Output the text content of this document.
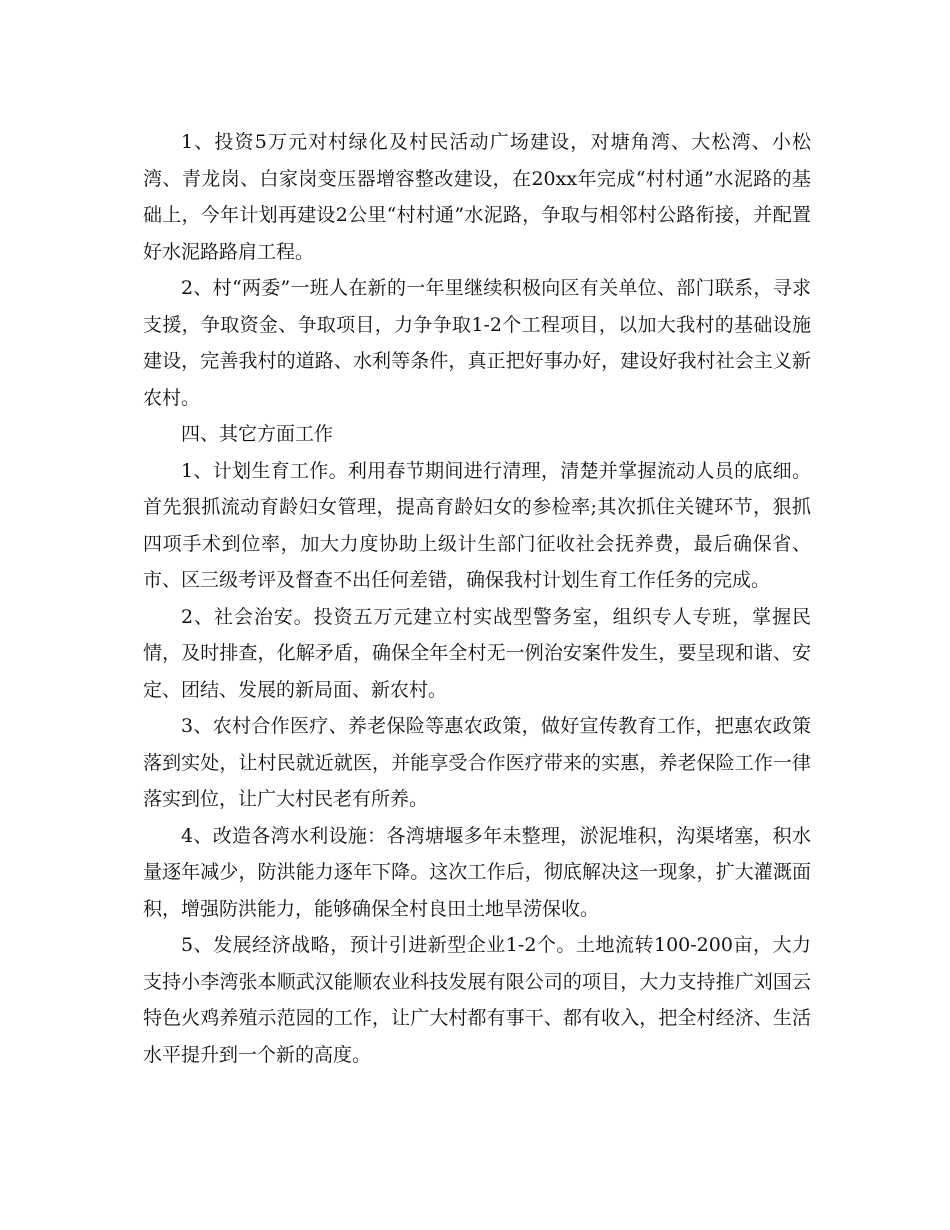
1、投资5万元对村绿化及村民活动广场建设，对塘角湾、大松湾、小松湾、青龙岗、白家岗变压器增容整改建设，在20xx年完成“村村通”水泥路的基础上，今年计划再建设2公里“村村通”水泥路，争取与相邻村公路衔接，并配置好水泥路路肩工程。

2、村“两委”一班人在新的一年里继续积极向区有关单位、部门联系，寻求支援，争取资金、争取项目，力争争取1-2个工程项目，以加大我村的基础设施建设，完善我村的道路、水利等条件，真正把好事办好，建设好我村社会主义新农村。

四、其它方面工作

1、计划生育工作。利用春节期间进行清理，清楚并掌握流动人员的底细。首先狠抓流动育龄妇女管理，提高育龄妇女的参检率;其次抓住关键环节，狠抓四项手术到位率，加大力度协助上级计生部门征收社会抚养费，最后确保省、市、区三级考评及督查不出任何差错，确保我村计划生育工作任务的完成。

2、社会治安。投资五万元建立村实战型警务室，组织专人专班，掌握民情，及时排查，化解矛盾，确保全年全村无一例治安案件发生，要呈现和谐、安定、团结、发展的新局面、新农村。

3、农村合作医疗、养老保险等惠农政策，做好宣传教育工作，把惠农政策落到实处，让村民就近就医，并能享受合作医疗带来的实惠，养老保险工作一律落实到位，让广大村民老有所养。

4、改造各湾水利设施：各湾塘堰多年未整理，淤泥堆积，沟渠堵塞，积水量逐年减少，防洪能力逐年下降。这次工作后，彻底解决这一现象，扩大灌溉面积，增强防洪能力，能够确保全村良田土地旱涝保收。

5、发展经济战略，预计引进新型企业1-2个。土地流转100-200亩，大力支持小李湾张本顺武汉能顺农业科技发展有限公司的项目，大力支持推广刘国云特色火鸡养殖示范园的工作，让广大村都有事干、都有收入，把全村经济、生活水平提升到一个新的高度。
